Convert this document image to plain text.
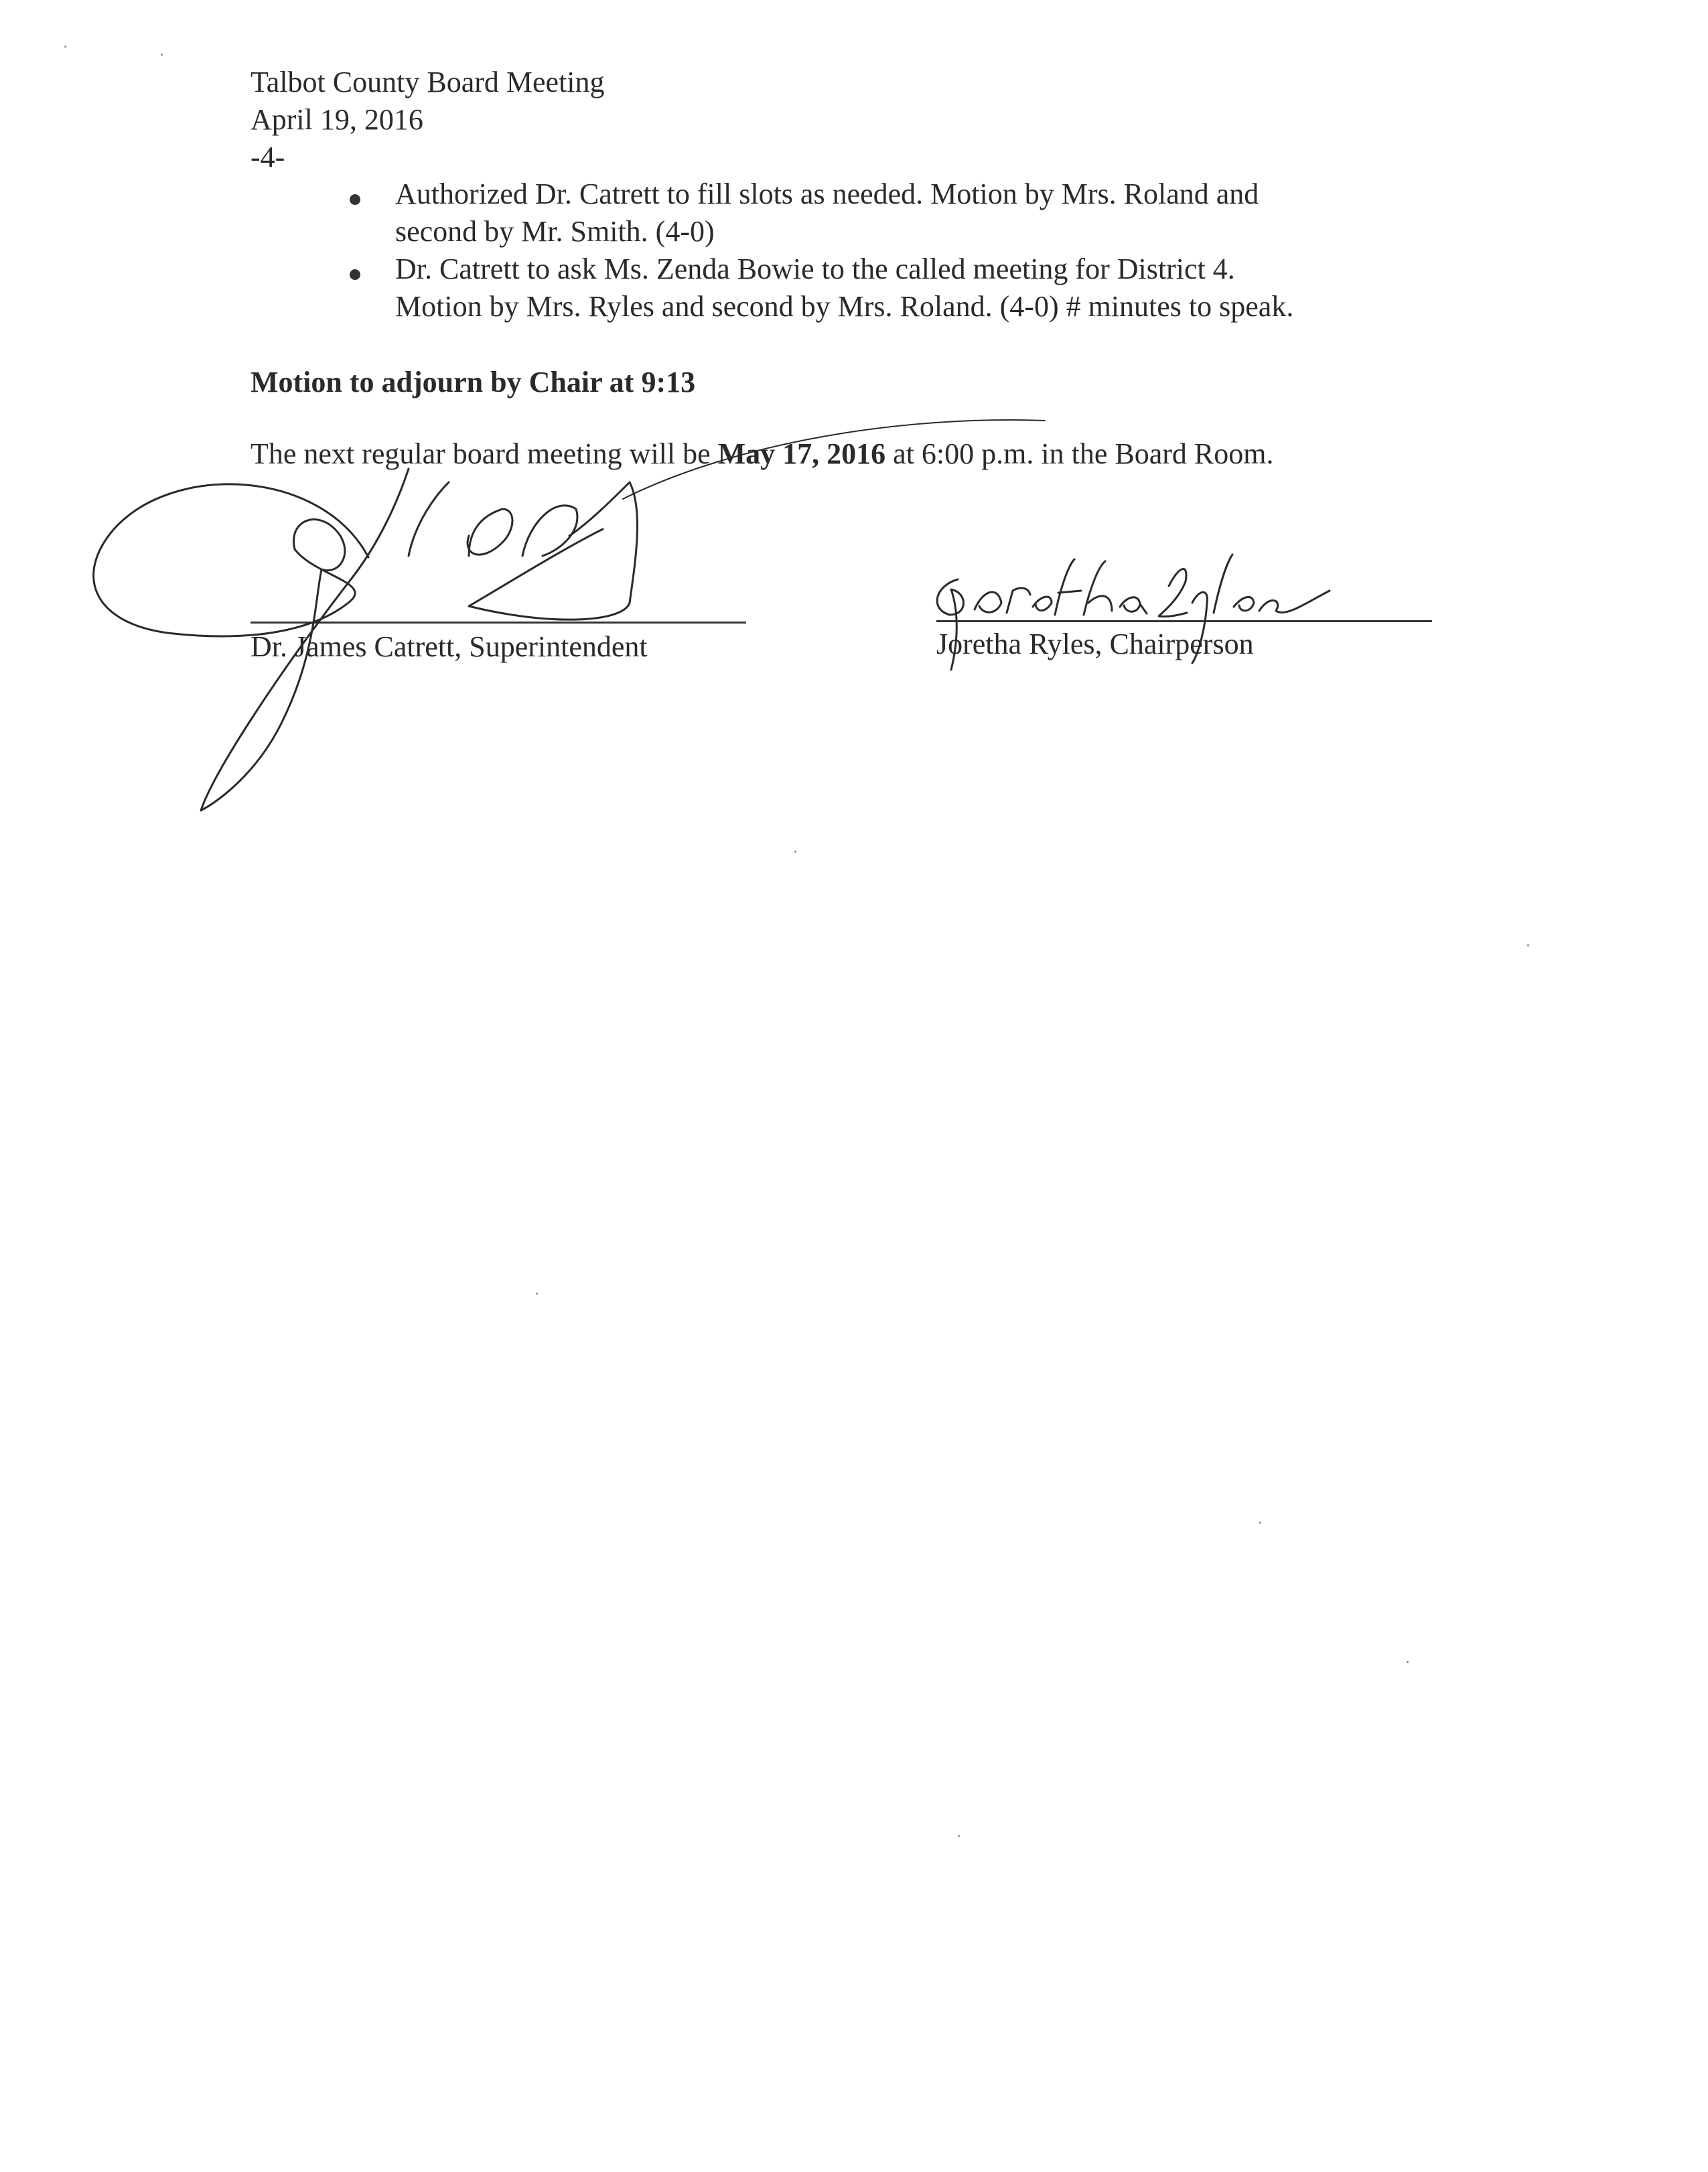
Talbot County Board Meeting
April 19, 2016
-4-
Authorized Dr. Catrett to fill slots as needed. Motion by Mrs. Roland and
second by Mr. Smith. (4-0)
Dr. Catrett to ask Ms. Zenda Bowie to the called meeting for District 4.
Motion by Mrs. Ryles and second by Mrs. Roland. (4-0) # minutes to speak.
Motion to adjourn by Chair at 9:13
The next regular board meeting will be May 17, 2016 at 6:00 p.m. in the Board Room.
Dr. James Catrett, Superintendent	Joretha Ryles, Chairperson
